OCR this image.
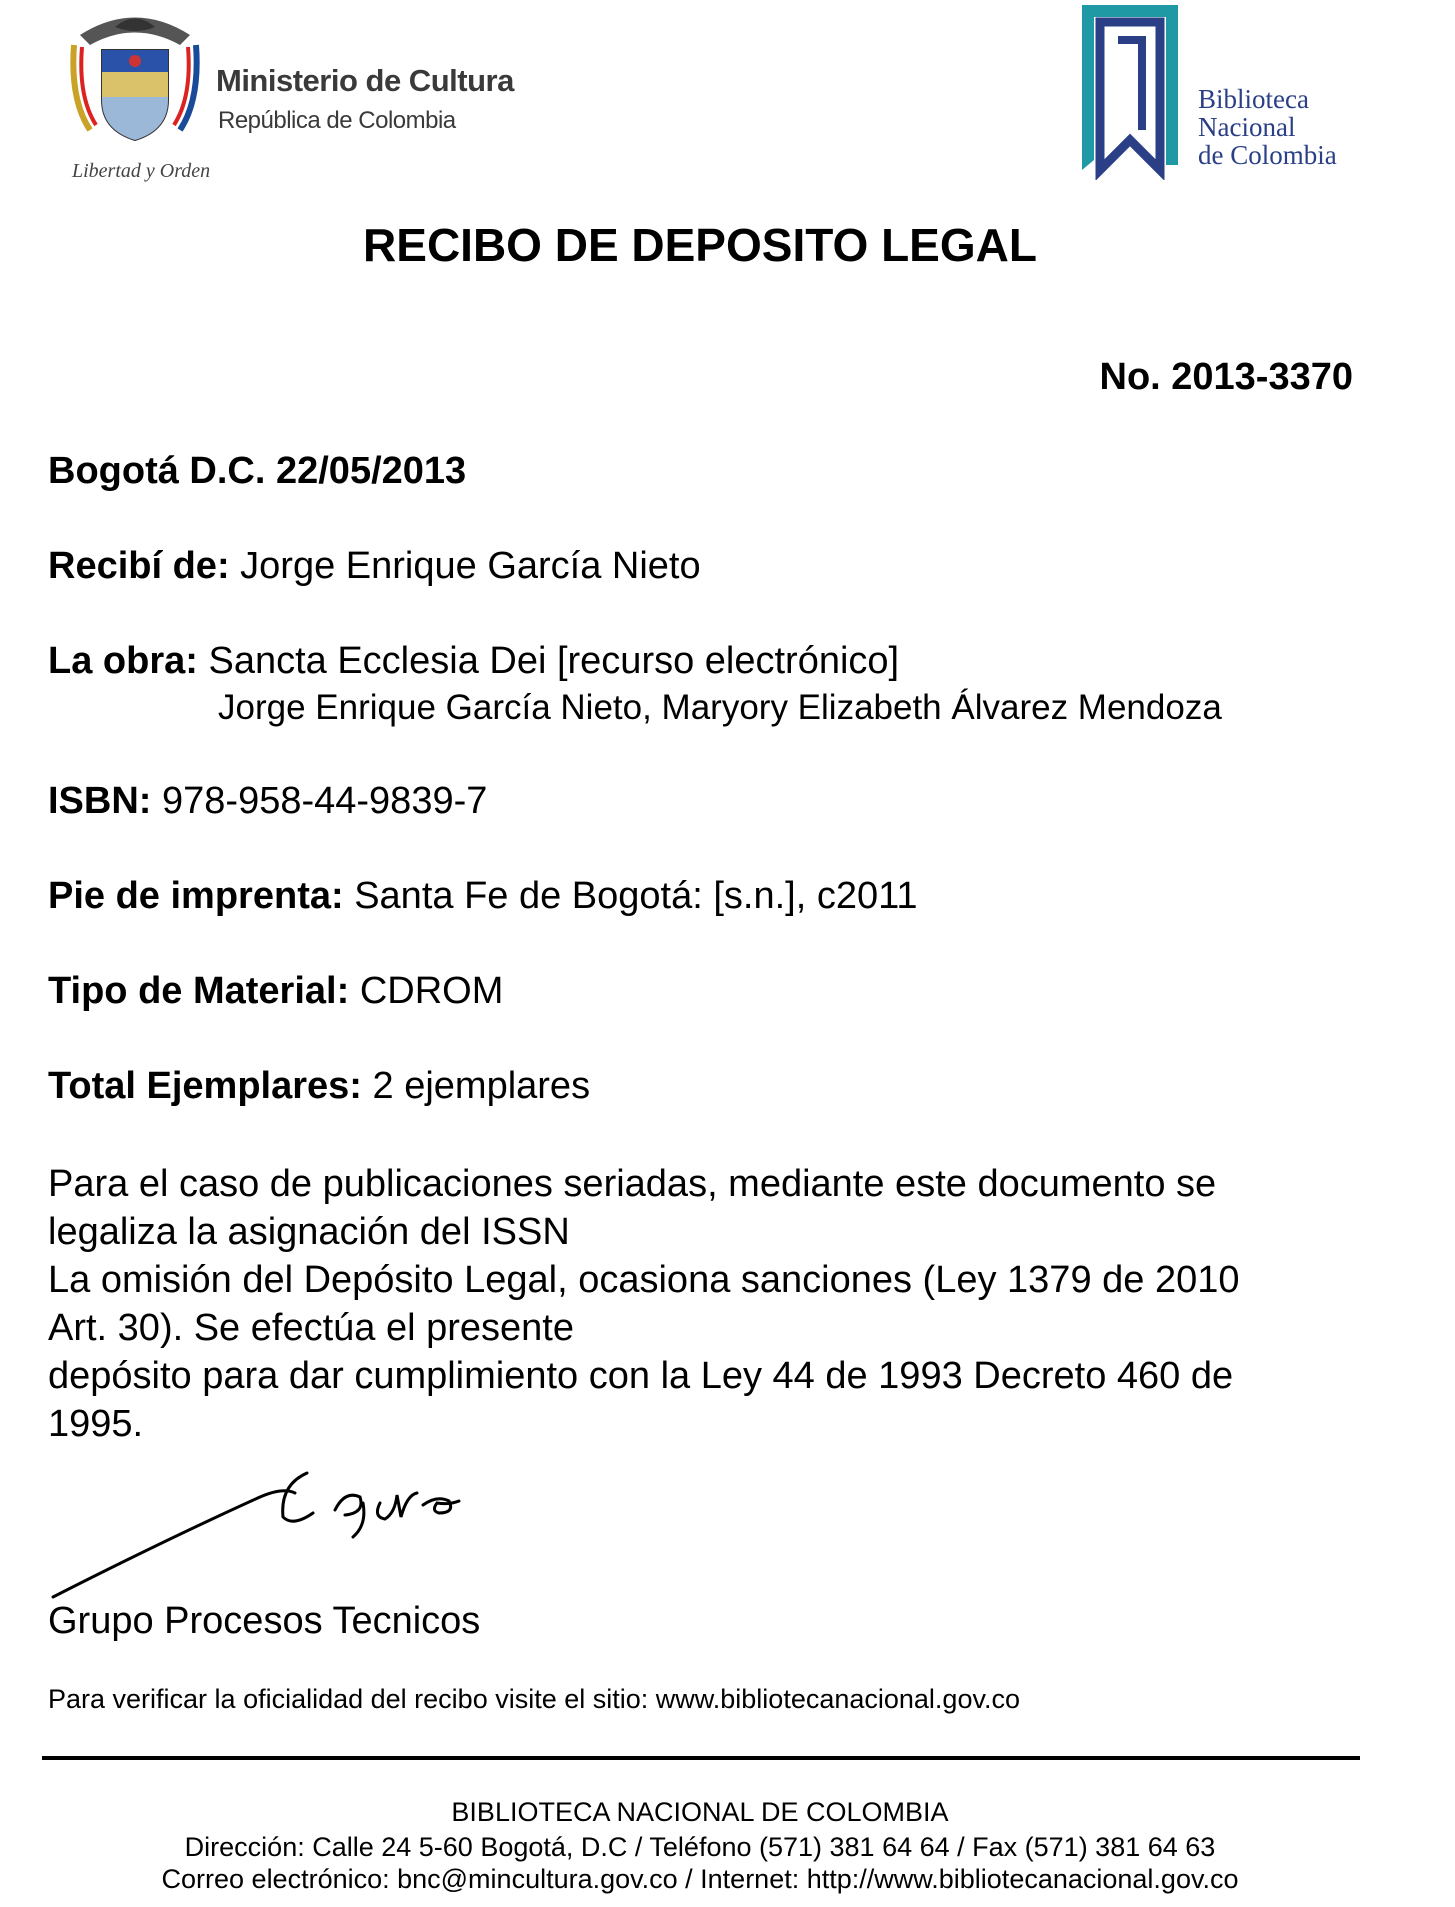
Ministerio de Cultura
República de Colombia
Libertad y Orden
Biblioteca
Nacional
de Colombia
RECIBO DE DEPOSITO LEGAL
No. 2013-3370
Bogotá D.C. 22/05/2013
Recibí de: Jorge Enrique García Nieto
La obra: Sancta Ecclesia Dei [recurso electrónico]
Jorge Enrique García Nieto, Maryory Elizabeth Álvarez Mendoza
ISBN: 978-958-44-9839-7
Pie de imprenta: Santa Fe de Bogotá: [s.n.], c2011
Tipo de Material: CDROM
Total Ejemplares: 2 ejemplares
Para el caso de publicaciones seriadas, mediante este documento se
legaliza la asignación del ISSN
La omisión del Depósito Legal, ocasiona sanciones (Ley 1379 de 2010
Art. 30). Se efectúa el presente
depósito para dar cumplimiento con la Ley 44 de 1993 Decreto 460 de
1995.
Grupo Procesos Tecnicos
Para verificar la oficialidad del recibo visite el sitio: www.bibliotecanacional.gov.co
BIBLIOTECA NACIONAL DE COLOMBIA
Dirección: Calle 24 5-60 Bogotá, D.C / Teléfono (571) 381 64 64 / Fax (571) 381 64 63
Correo electrónico: bnc@mincultura.gov.co / Internet: http://www.bibliotecanacional.gov.co
